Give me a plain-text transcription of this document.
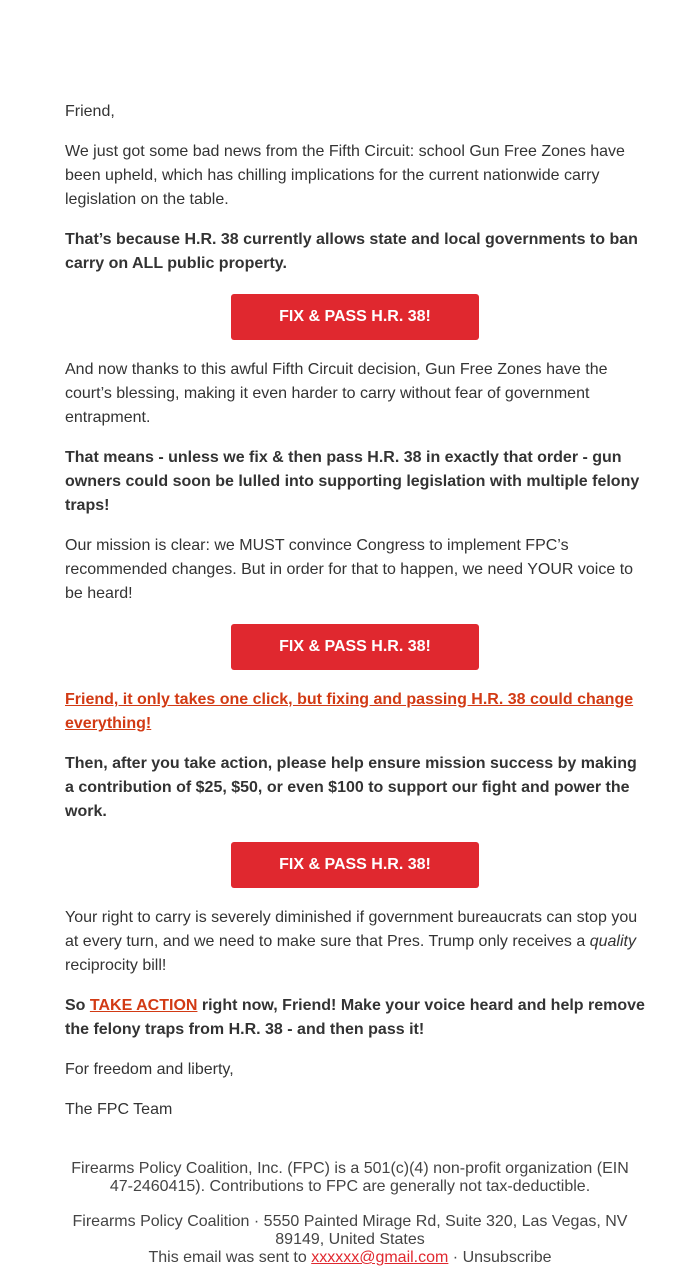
Friend,

We just got some bad news from the Fifth Circuit: school Gun Free Zones have been upheld, which has chilling implications for the current nationwide carry legislation on the table.

That’s because H.R. 38 currently allows state and local governments to ban carry on ALL public property.

FIX & PASS H.R. 38!

And now thanks to this awful Fifth Circuit decision, Gun Free Zones have the court’s blessing, making it even harder to carry without fear of government entrapment.

That means - unless we fix & then pass H.R. 38 in exactly that order - gun owners could soon be lulled into supporting legislation with multiple felony traps!

Our mission is clear: we MUST convince Congress to implement FPC’s recommended changes. But in order for that to happen, we need YOUR voice to be heard!

FIX & PASS H.R. 38!

Friend, it only takes one click, but fixing and passing H.R. 38 could change everything!

Then, after you take action, please help ensure mission success by making a contribution of $25, $50, or even $100 to support our fight and power the work.

FIX & PASS H.R. 38!

Your right to carry is severely diminished if government bureaucrats can stop you at every turn, and we need to make sure that Pres. Trump only receives a quality reciprocity bill!

So TAKE ACTION right now, Friend! Make your voice heard and help remove the felony traps from H.R. 38 - and then pass it!

For freedom and liberty,

The FPC Team

Firearms Policy Coalition, Inc. (FPC) is a 501(c)(4) non-profit organization (EIN 47-2460415). Contributions to FPC are generally not tax-deductible.
Firearms Policy Coalition · 5550 Painted Mirage Rd, Suite 320, Las Vegas, NV 89149, United States
This email was sent to xxxxxx@gmail.com · Unsubscribe
